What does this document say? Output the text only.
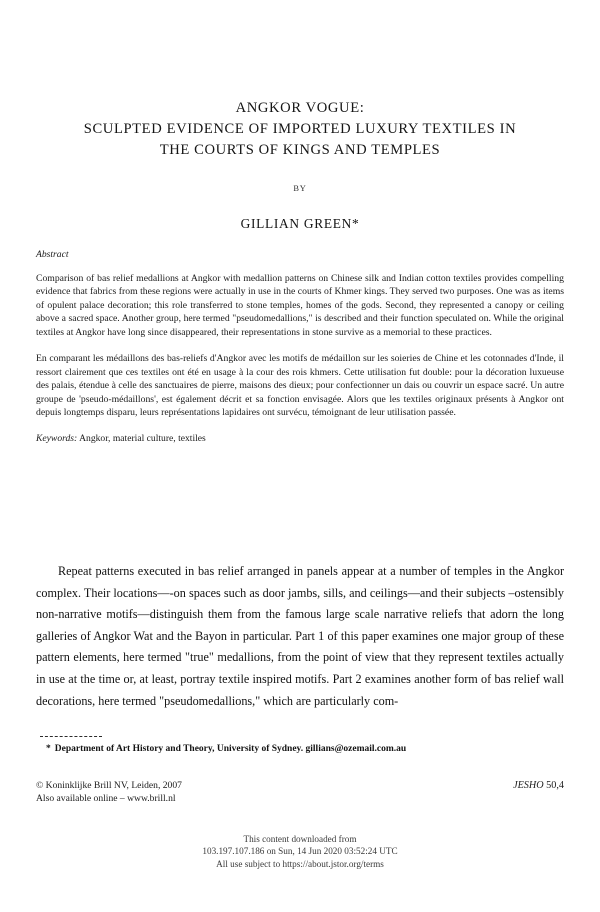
ANGKOR VOGUE:
SCULPTED EVIDENCE OF IMPORTED LUXURY TEXTILES IN
THE COURTS OF KINGS AND TEMPLES
BY
GILLIAN GREEN*
Abstract

Comparison of bas relief medallions at Angkor with medallion patterns on Chinese silk and Indian cotton textiles provides compelling evidence that fabrics from these regions were actually in use in the courts of Khmer kings. They served two purposes. One was as items of opulent palace decoration; this role transferred to stone temples, homes of the gods. Second, they represented a canopy or ceiling above a sacred space. Another group, here termed "pseudomedallions," is described and their function speculated on. While the original textiles at Angkor have long since disappeared, their representations in stone survive as a memorial to these practices.

En comparant les médaillons des bas-reliefs d'Angkor avec les motifs de médaillon sur les soieries de Chine et les cotonnades d'Inde, il ressort clairement que ces textiles ont été en usage à la cour des rois khmers. Cette utilisation fut double: pour la décoration luxueuse des palais, étendue à celle des sanctuaires de pierre, maisons des dieux; pour confectionner un dais ou couvrir un espace sacré. Un autre groupe de 'pseudo-médaillons', est également décrit et sa fonction envisagée. Alors que les textiles originaux présents à Angkor ont depuis longtemps disparu, leurs représentations lapidaires ont survécu, témoignant de leur utilisation passée.

Keywords: Angkor, material culture, textiles

Repeat patterns executed in bas relief arranged in panels appear at a number of temples in the Angkor complex. Their locations—-on spaces such as door jambs, sills, and ceilings—and their subjects –ostensibly non-narrative motifs—distinguish them from the famous large scale narrative reliefs that adorn the long galleries of Angkor Wat and the Bayon in particular. Part 1 of this paper examines one major group of these pattern elements, here termed "true" medallions, from the point of view that they represent textiles actually in use at the time or, at least, portray textile inspired motifs. Part 2 examines another form of bas relief wall decorations, here termed "pseudomedallions," which are particularly com-

* Department of Art History and Theory, University of Sydney. gillians@ozemail.com.au
© Koninklijke Brill NV, Leiden, 2007	JESHO 50,4
Also available online – www.brill.nl
This content downloaded from
103.197.107.186 on Sun, 14 Jun 2020 03:52:24 UTC
All use subject to https://about.jstor.org/terms
